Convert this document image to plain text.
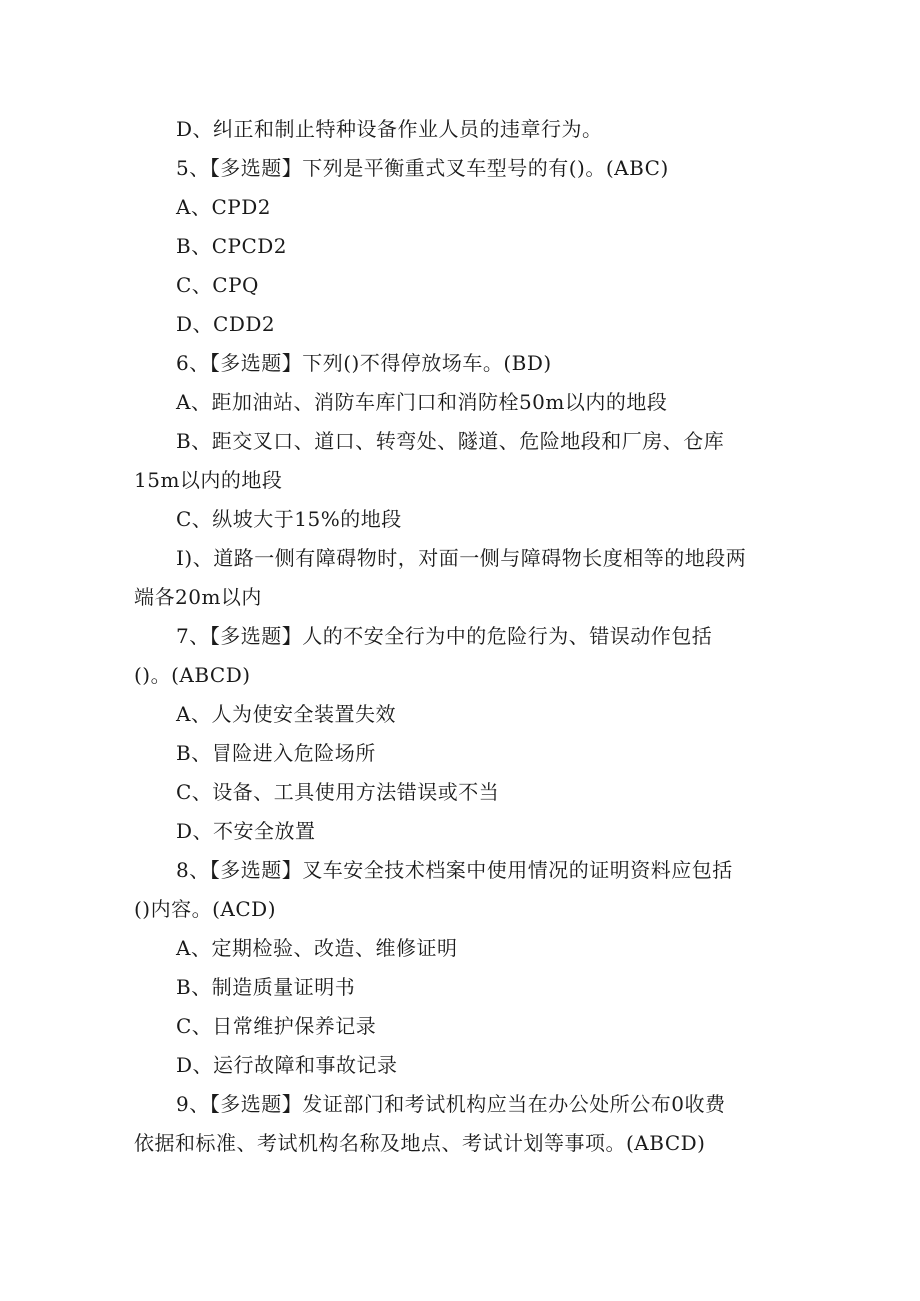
D、纠正和制止特种设备作业人员的违章行为。
5、【多选题】下列是平衡重式叉车型号的有()。(ABC)
A、CPD2
B、CPCD2
C、CPQ
D、CDD2
6、【多选题】下列()不得停放场车。(BD)
A、距加油站、消防车库门口和消防栓50m以内的地段
B、距交叉口、道口、转弯处、隧道、危险地段和厂房、仓库
15m以内的地段
C、纵坡大于15%的地段
I)、道路一侧有障碍物时，对面一侧与障碍物长度相等的地段两
端各20m以内
7、【多选题】人的不安全行为中的危险行为、错误动作包括
()。(ABCD)
A、人为使安全装置失效
B、冒险进入危险场所
C、设备、工具使用方法错误或不当
D、不安全放置
8、【多选题】叉车安全技术档案中使用情况的证明资料应包括
()内容。(ACD)
A、定期检验、改造、维修证明
B、制造质量证明书
C、日常维护保养记录
D、运行故障和事故记录
9、【多选题】发证部门和考试机构应当在办公处所公布0收费
依据和标准、考试机构名称及地点、考试计划等事项。(ABCD)
